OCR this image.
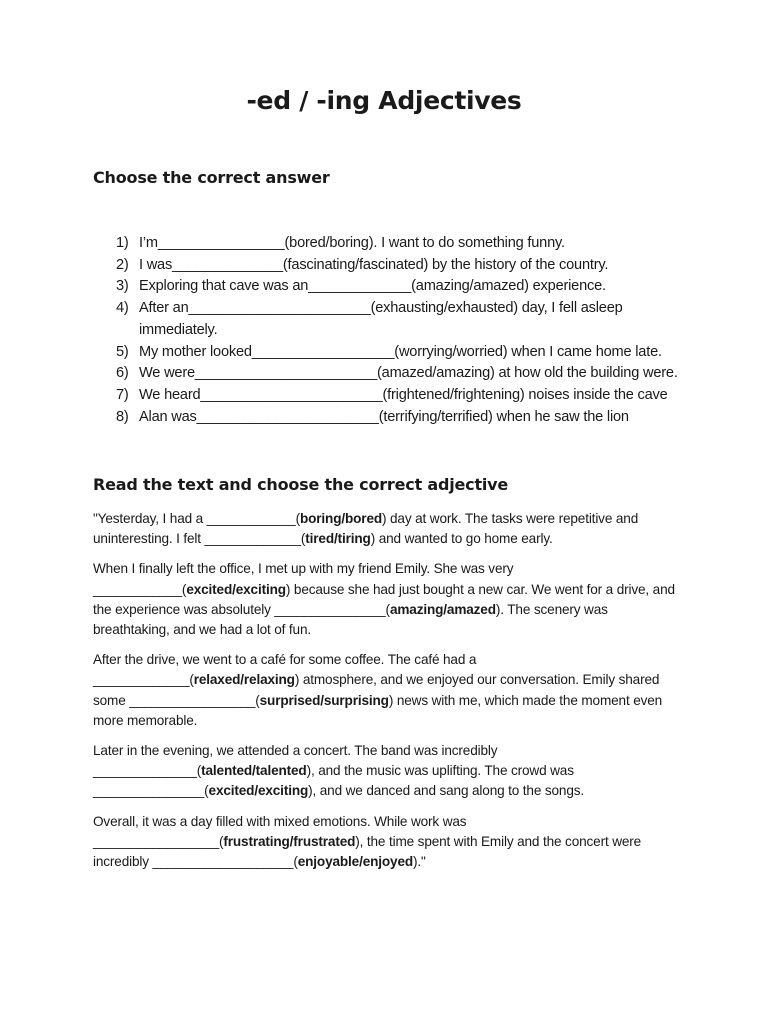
-ed / -ing Adjectives
Choose the correct answer
1) I’m________________(bored/boring). I want to do something funny.
2) I was______________(fascinating/fascinated) by the history of the country.
3) Exploring that cave was an_____________(amazing/amazed) experience.
4) After an_______________________(exhausting/exhausted) day, I fell asleep immediately.
5) My mother looked__________________(worrying/worried) when I came home late.
6) We were_______________________(amazed/amazing) at how old the building were.
7) We heard_______________________(frightened/frightening) noises inside the cave
8) Alan was_______________________(terrifying/terrified) when he saw the lion
Read the text and choose the correct adjective

"Yesterday, I had a ____________(boring/bored) day at work. The tasks were repetitive and uninteresting. I felt _____________(tired/tiring) and wanted to go home early.

When I finally left the office, I met up with my friend Emily. She was very ____________(excited/exciting) because she had just bought a new car. We went for a drive, and the experience was absolutely _______________(amazing/amazed). The scenery was breathtaking, and we had a lot of fun.

After the drive, we went to a café for some coffee. The café had a _____________(relaxed/relaxing) atmosphere, and we enjoyed our conversation. Emily shared some _________________(surprised/surprising) news with me, which made the moment even more memorable.

Later in the evening, we attended a concert. The band was incredibly ______________(talented/talented), and the music was uplifting. The crowd was _______________(excited/exciting), and we danced and sang along to the songs.

Overall, it was a day filled with mixed emotions. While work was _________________(frustrating/frustrated), the time spent with Emily and the concert were incredibly ___________________(enjoyable/enjoyed)."
